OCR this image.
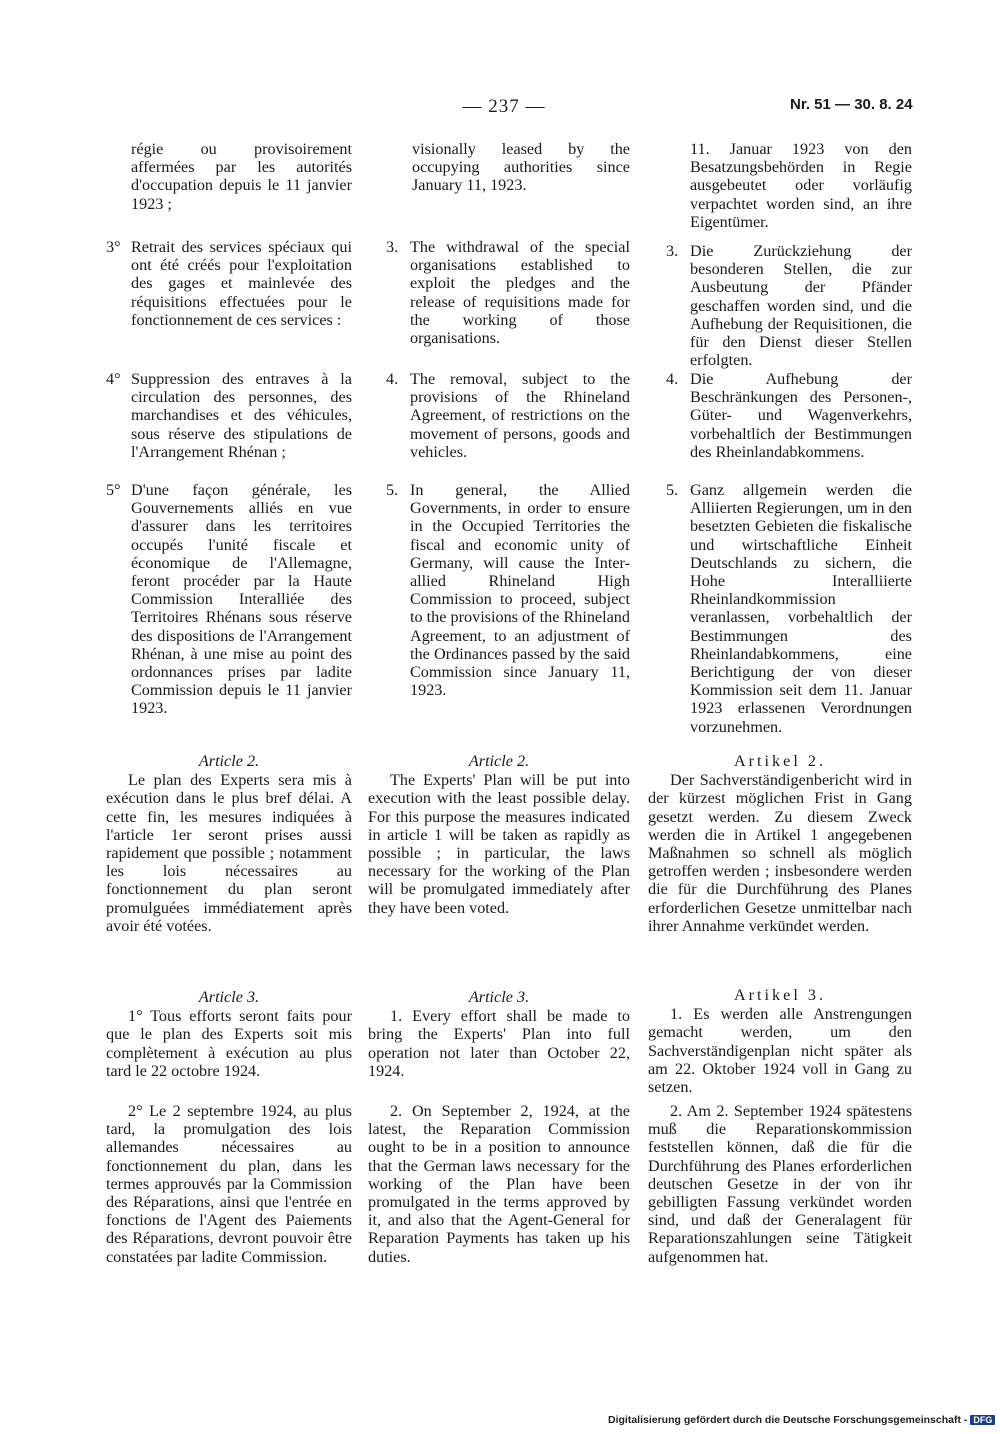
— 237 —	Nr. 51 — 30. 8. 24

régie ou provisoirement affermées par les autorités d'occupation depuis le 11 janvier 1923 ;

3° Retrait des services spéciaux qui ont été créés pour l'exploitation des gages et mainlevée des réquisitions effectuées pour le fonctionnement de ces services :

4° Suppression des entraves à la circulation des personnes, des marchandises et des véhicules, sous réserve des stipulations de l'Arrangement Rhénan ;

5° D'une façon générale, les Gouvernements alliés en vue d'assurer dans les territoires occupés l'unité fiscale et économique de l'Allemagne, feront procéder par la Haute Commission Interalliée des Territoires Rhénans sous réserve des dispositions de l'Arrangement Rhénan, à une mise au point des ordonnances prises par ladite Commission depuis le 11 janvier 1923.

Article 2.

Le plan des Experts sera mis à exécution dans le plus bref délai. A cette fin, les mesures indiquées à l'article 1er seront prises aussi rapidement que possible ; notamment les lois nécessaires au fonctionnement du plan seront promulguées immédiatement après avoir été votées.

Article 3.

1° Tous efforts seront faits pour que le plan des Experts soit mis complètement à exécution au plus tard le 22 octobre 1924.

2° Le 2 septembre 1924, au plus tard, la promulgation des lois allemandes nécessaires au fonctionnement du plan, dans les termes approuvés par la Commission des Réparations, ainsi que l'entrée en fonctions de l'Agent des Paiements des Réparations, devront pouvoir être constatées par ladite Commission.

visionally leased by the occupying authorities since January 11, 1923.

3. The withdrawal of the special organisations established to exploit the pledges and the release of requisitions made for the working of those organisations.

4. The removal, subject to the provisions of the Rhineland Agreement, of restrictions on the movement of persons, goods and vehicles.

5. In general, the Allied Governments, in order to ensure in the Occupied Territories the fiscal and economic unity of Germany, will cause the Inter-allied Rhineland High Commission to proceed, subject to the provisions of the Rhineland Agreement, to an adjustment of the Ordinances passed by the said Commission since January 11, 1923.

Article 2.

The Experts' Plan will be put into execution with the least possible delay. For this purpose the measures indicated in article 1 will be taken as rapidly as possible ; in particular, the laws necessary for the working of the Plan will be promulgated immediately after they have been voted.

Article 3.

1. Every effort shall be made to bring the Experts' Plan into full operation not later than October 22, 1924.

2. On September 2, 1924, at the latest, the Reparation Commission ought to be in a position to announce that the German laws necessary for the working of the Plan have been promulgated in the terms approved by it, and also that the Agent-General for Reparation Payments has taken up his duties.

11. Januar 1923 von den Besatzungsbehörden in Regie ausgebeutet oder vorläufig verpachtet worden sind, an ihre Eigentümer.

3. Die Zurückziehung der besonderen Stellen, die zur Ausbeutung der Pfänder geschaffen worden sind, und die Aufhebung der Requisitionen, die für den Dienst dieser Stellen erfolgten.

4. Die Aufhebung der Beschränkungen des Personen-, Güter- und Wagenverkehrs, vorbehaltlich der Bestimmungen des Rheinlandabkommens.

5. Ganz allgemein werden die Alliierten Regierungen, um in den besetzten Gebieten die fiskalische und wirtschaftliche Einheit Deutschlands zu sichern, die Hohe Interalliierte Rheinlandkommission veranlassen, vorbehaltlich der Bestimmungen des Rheinlandabkommens, eine Berichtigung der von dieser Kommission seit dem 11. Januar 1923 erlassenen Verordnungen vorzunehmen.

Artikel 2.

Der Sachverständigenbericht wird in der kürzest möglichen Frist in Gang gesetzt werden. Zu diesem Zweck werden die in Artikel 1 angegebenen Maßnahmen so schnell als möglich getroffen werden ; insbesondere werden die für die Durchführung des Planes erforderlichen Gesetze unmittelbar nach ihrer Annahme verkündet werden.

Artikel 3.

1. Es werden alle Anstrengungen gemacht werden, um den Sachverständigenplan nicht später als am 22. Oktober 1924 voll in Gang zu setzen.

2. Am 2. September 1924 spätestens muß die Reparationskommission feststellen können, daß die für die Durchführung des Planes erforderlichen deutschen Gesetze in der von ihr gebilligten Fassung verkündet worden sind, und daß der Generalagent für Reparationszahlungen seine Tätigkeit aufgenommen hat.

Digitalisierung gefördert durch die Deutsche Forschungsgemeinschaft - DFG
